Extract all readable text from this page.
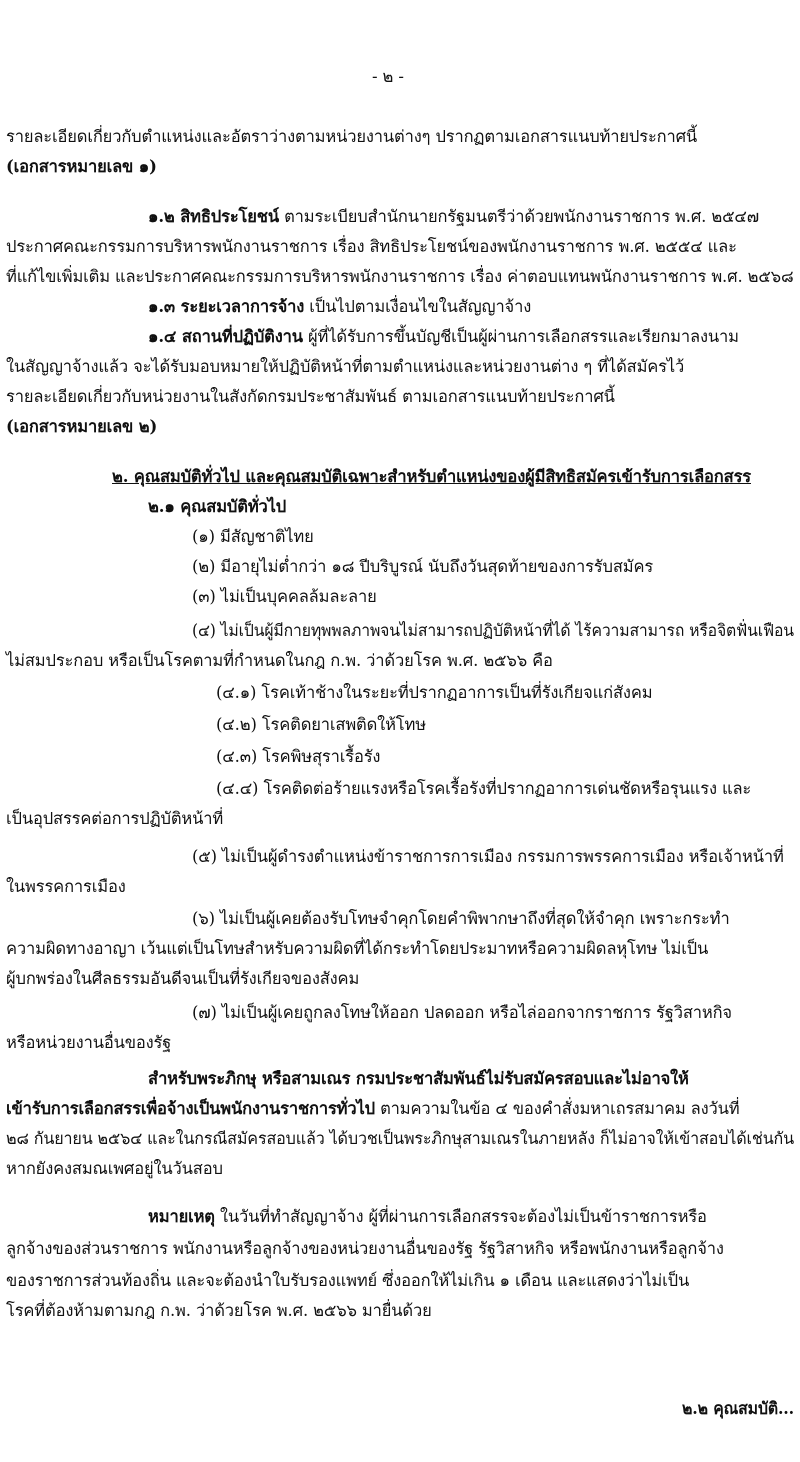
- ๒ -
รายละเอียดเกี่ยวกับตำแหน่งและอัตราว่างตามหน่วยงานต่างๆ ปรากฏตามเอกสารแนบท้ายประกาศนี้
(เอกสารหมายเลข ๑)
๑.๒ สิทธิประโยชน์ ตามระเบียบสำนักนายกรัฐมนตรีว่าด้วยพนักงานราชการ พ.ศ. ๒๕๔๗
ประกาศคณะกรรมการบริหารพนักงานราชการ เรื่อง สิทธิประโยชน์ของพนักงานราชการ พ.ศ. ๒๕๕๔ และ
ที่แก้ไขเพิ่มเติม และประกาศคณะกรรมการบริหารพนักงานราชการ เรื่อง ค่าตอบแทนพนักงานราชการ พ.ศ. ๒๕๖๘
๑.๓ ระยะเวลาการจ้าง เป็นไปตามเงื่อนไขในสัญญาจ้าง
๑.๔ สถานที่ปฏิบัติงาน ผู้ที่ได้รับการขึ้นบัญชีเป็นผู้ผ่านการเลือกสรรและเรียกมาลงนาม
ในสัญญาจ้างแล้ว จะได้รับมอบหมายให้ปฏิบัติหน้าที่ตามตำแหน่งและหน่วยงานต่าง ๆ ที่ได้สมัครไว้
รายละเอียดเกี่ยวกับหน่วยงานในสังกัดกรมประชาสัมพันธ์ ตามเอกสารแนบท้ายประกาศนี้
(เอกสารหมายเลข ๒)
๒. คุณสมบัติทั่วไป และคุณสมบัติเฉพาะสำหรับตำแหน่งของผู้มีสิทธิสมัครเข้ารับการเลือกสรร
๒.๑ คุณสมบัติทั่วไป
(๑) มีสัญชาติไทย
(๒) มีอายุไม่ต่ำกว่า ๑๘ ปีบริบูรณ์ นับถึงวันสุดท้ายของการรับสมัคร
(๓) ไม่เป็นบุคคลล้มละลาย
(๔) ไม่เป็นผู้มีกายทุพพลภาพจนไม่สามารถปฏิบัติหน้าที่ได้ ไร้ความสามารถ หรือจิตฟั่นเฟือน
ไม่สมประกอบ หรือเป็นโรคตามที่กำหนดในกฎ ก.พ. ว่าด้วยโรค พ.ศ. ๒๕๖๖ คือ
(๔.๑) โรคเท้าช้างในระยะที่ปรากฏอาการเป็นที่รังเกียจแก่สังคม
(๔.๒) โรคติดยาเสพติดให้โทษ
(๔.๓) โรคพิษสุราเรื้อรัง
(๔.๔) โรคติดต่อร้ายแรงหรือโรคเรื้อรังที่ปรากฏอาการเด่นชัดหรือรุนแรง และ
เป็นอุปสรรคต่อการปฏิบัติหน้าที่
(๕) ไม่เป็นผู้ดำรงตำแหน่งข้าราชการการเมือง กรรมการพรรคการเมือง หรือเจ้าหน้าที่
ในพรรคการเมือง
(๖) ไม่เป็นผู้เคยต้องรับโทษจำคุกโดยคำพิพากษาถึงที่สุดให้จำคุก เพราะกระทำ
ความผิดทางอาญา เว้นแต่เป็นโทษสำหรับความผิดที่ได้กระทำโดยประมาทหรือความผิดลหุโทษ ไม่เป็น
ผู้บกพร่องในศีลธรรมอันดีจนเป็นที่รังเกียจของสังคม
(๗) ไม่เป็นผู้เคยถูกลงโทษให้ออก ปลดออก หรือไล่ออกจากราชการ รัฐวิสาหกิจ
หรือหน่วยงานอื่นของรัฐ
สำหรับพระภิกษุ หรือสามเณร กรมประชาสัมพันธ์ไม่รับสมัครสอบและไม่อาจให้
เข้ารับการเลือกสรรเพื่อจ้างเป็นพนักงานราชการทั่วไป ตามความในข้อ ๔ ของคำสั่งมหาเถรสมาคม ลงวันที่
๒๘ กันยายน ๒๕๖๔ และในกรณีสมัครสอบแล้ว ได้บวชเป็นพระภิกษุสามเณรในภายหลัง ก็ไม่อาจให้เข้าสอบได้เช่นกัน
หากยังคงสมณเพศอยู่ในวันสอบ
หมายเหตุ ในวันที่ทำสัญญาจ้าง ผู้ที่ผ่านการเลือกสรรจะต้องไม่เป็นข้าราชการหรือ
ลูกจ้างของส่วนราชการ พนักงานหรือลูกจ้างของหน่วยงานอื่นของรัฐ รัฐวิสาหกิจ หรือพนักงานหรือลูกจ้าง
ของราชการส่วนท้องถิ่น และจะต้องนำใบรับรองแพทย์ ซึ่งออกให้ไม่เกิน ๑ เดือน และแสดงว่าไม่เป็น
โรคที่ต้องห้ามตามกฎ ก.พ. ว่าด้วยโรค พ.ศ. ๒๕๖๖ มายื่นด้วย
๒.๒ คุณสมบัติ...
